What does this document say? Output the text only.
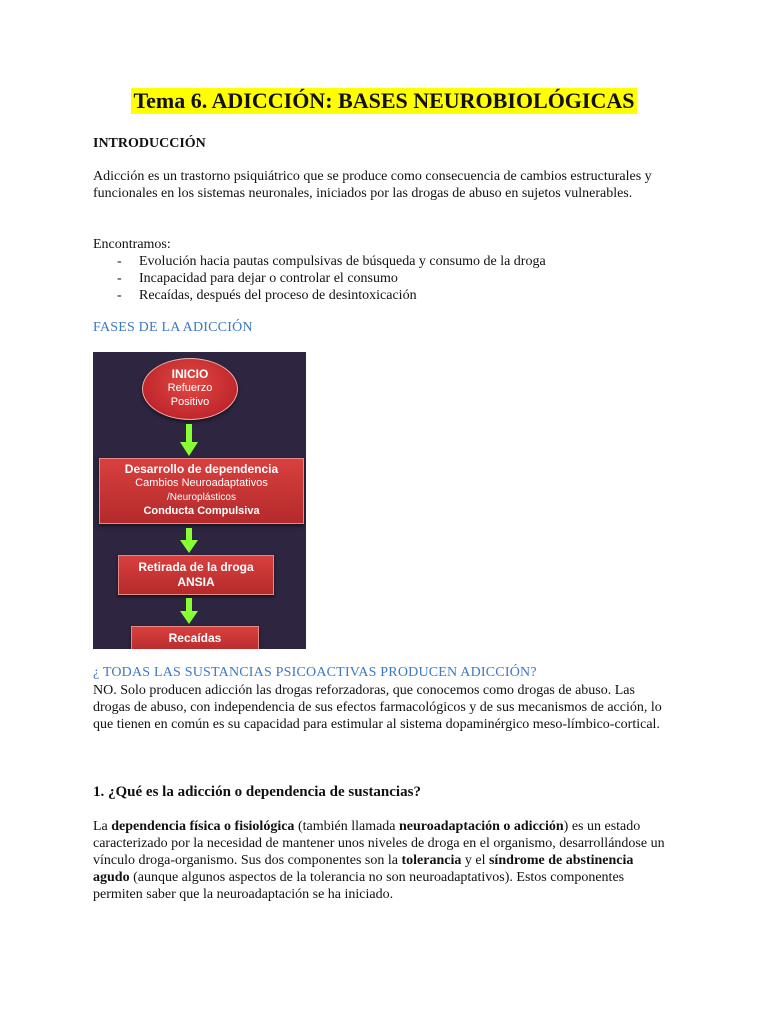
Tema 6. ADICCIÓN: BASES NEUROBIOLÓGICAS
INTRODUCCIÓN
Adicción es un trastorno psiquiátrico que se produce como consecuencia de cambios estructurales y funcionales en los sistemas neuronales, iniciados por las drogas de abuso en sujetos vulnerables.
Encontramos:
- Evolución hacia pautas compulsivas de búsqueda y consumo de la droga
- Incapacidad para dejar o controlar el consumo
- Recaídas, después del proceso de desintoxicación
FASES DE LA ADICCIÓN
INICIO
Refuerzo
Positivo
Desarrollo de dependencia
Cambios Neuroadaptativos
/Neuroplásticos
Conducta Compulsiva
Retirada de la droga
ANSIA
Recaídas
¿ TODAS LAS SUSTANCIAS PSICOACTIVAS PRODUCEN ADICCIÓN?
NO. Solo producen adicción las drogas reforzadoras, que conocemos como drogas de abuso. Las drogas de abuso, con independencia de sus efectos farmacológicos y de sus mecanismos de acción, lo que tienen en común es su capacidad para estimular al sistema dopaminérgico meso-límbico-cortical.
1. ¿Qué es la adicción o dependencia de sustancias?
La dependencia física o fisiológica (también llamada neuroadaptación o adicción) es un estado caracterizado por la necesidad de mantener unos niveles de droga en el organismo, desarrollándose un vínculo droga-organismo. Sus dos componentes son la tolerancia y el síndrome de abstinencia agudo (aunque algunos aspectos de la tolerancia no son neuroadaptativos). Estos componentes permiten saber que la neuroadaptación se ha iniciado.
